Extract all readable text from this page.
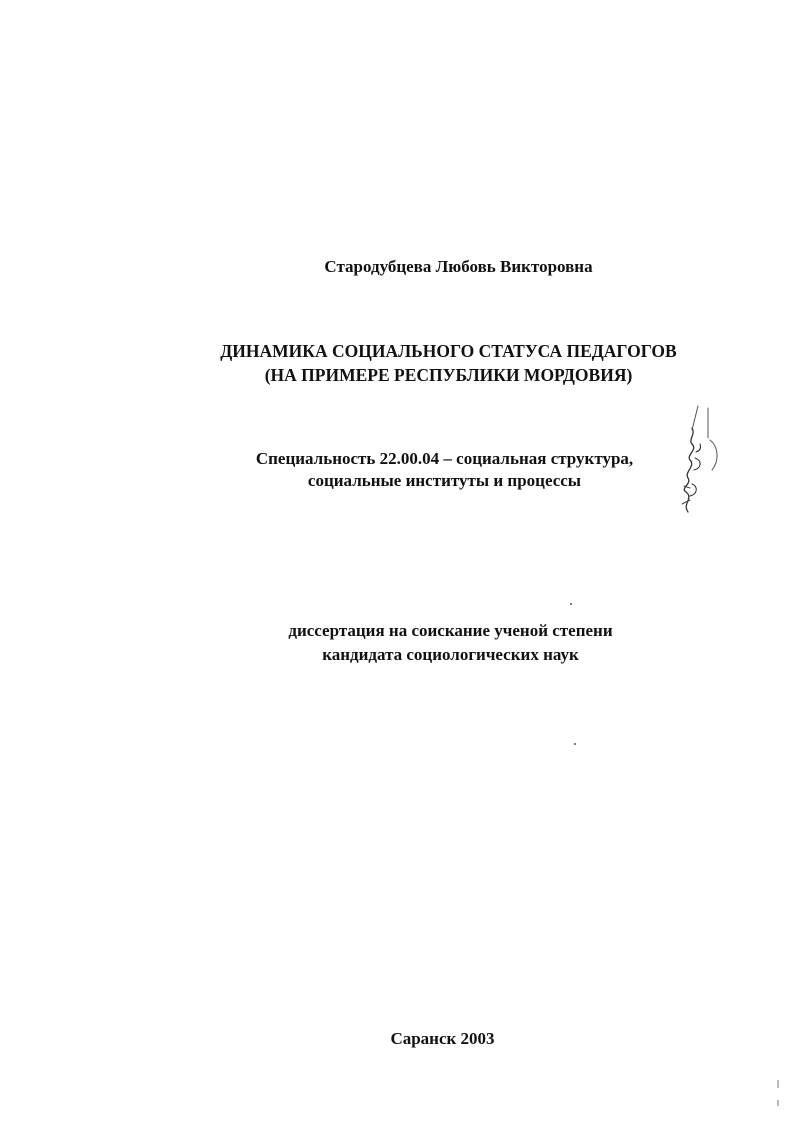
Стародубцева Любовь Викторовна
ДИНАМИКА СОЦИАЛЬНОГО СТАТУСА ПЕДАГОГОВ
(НА ПРИМЕРЕ РЕСПУБЛИКИ МОРДОВИЯ)
Специальность 22.00.04 – социальная структура,
социальные институты и процессы
диссертация на соискание ученой степени
кандидата социологических наук
Саранск 2003
